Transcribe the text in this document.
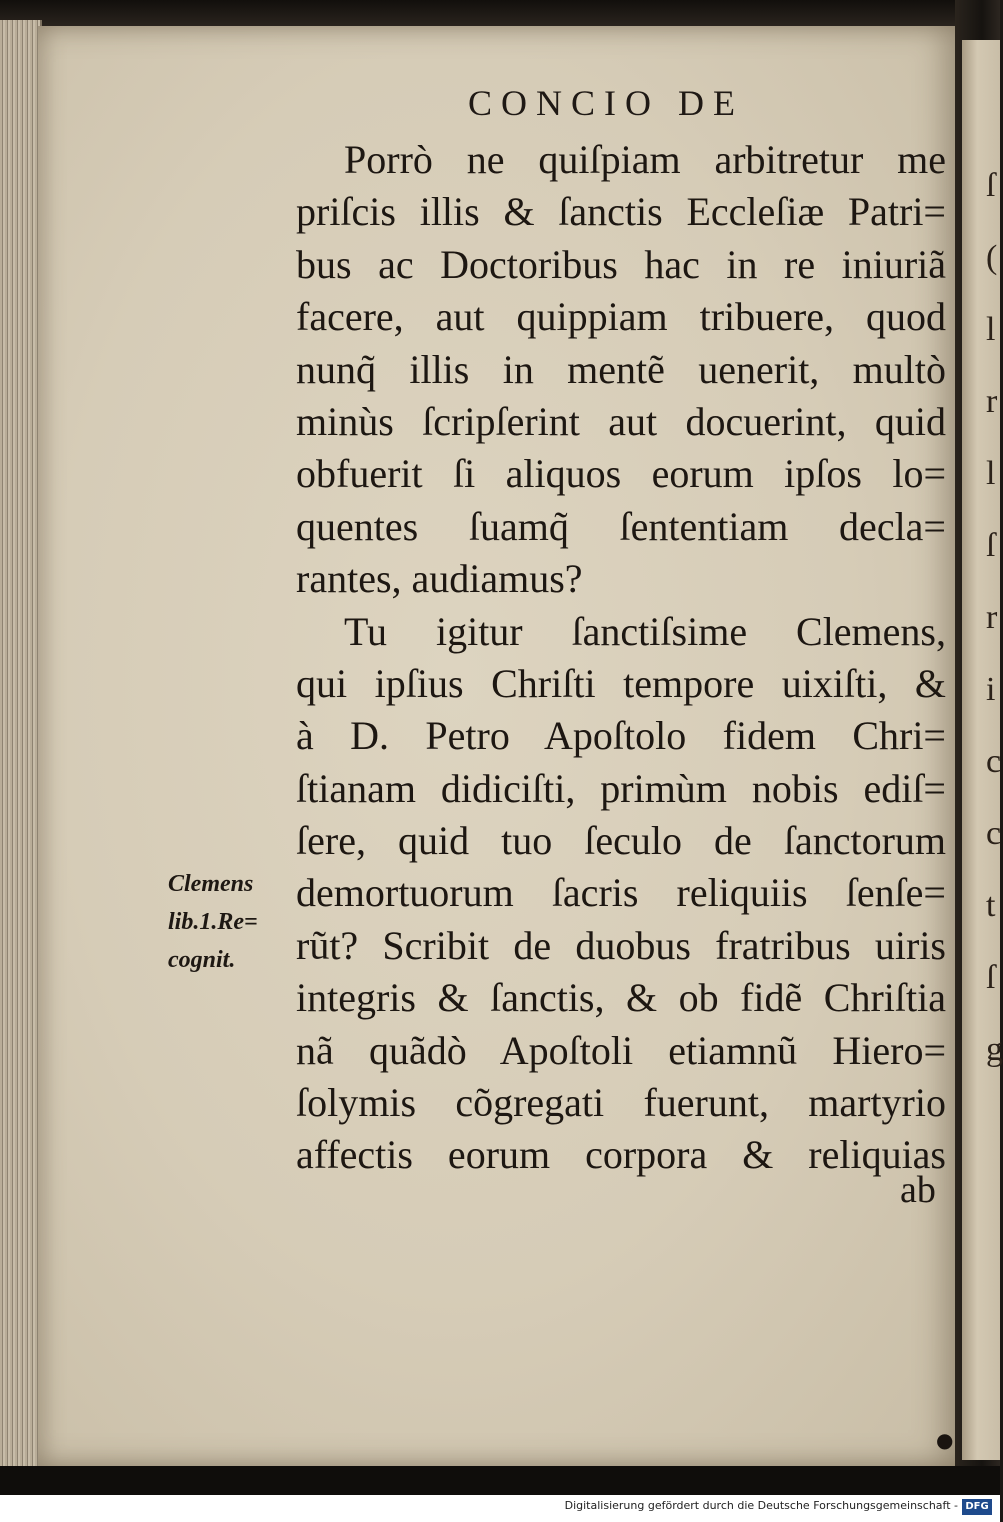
ſ
(
l
r
l
ſ
r
i
c
c
t
ſ
g
CONCIO DE
Porrò ne quiſpiam arbitretur me
priſcis illis & ſanctis Eccleſiæ Patri=
bus ac Doctoribus hac in re iniuriã
facere, aut quippiam tribuere, quod
nunq̃ illis in mentẽ uenerit, multò
minùs ſcripſerint aut docuerint, quid
obfuerit ſi aliquos eorum ipſos lo=
quentes ſuamq̃ ſententiam decla=
rantes, audiamus?
Tu igitur ſanctiſsime Clemens,
qui ipſius Chriſti tempore uixiſti, &
à D. Petro Apoſtolo fidem Chri=
ſtianam didiciſti, primùm nobis ediſ=
ſere, quid tuo ſeculo de ſanctorum
demortuorum ſacris reliquiis ſenſe=
rũt? Scribit de duobus fratribus uiris
integris & ſanctis, & ob fidẽ Chriſtia
nã quãdò Apoſtoli etiamnũ Hiero=
ſolymis cõgregati fuerunt, martyrio
affectis eorum corpora & reliquias
Clemens
lib.1.Re=
cognit.
ab
●
Digitalisierung gefördert durch die Deutsche Forschungsgemeinschaft - DFG
